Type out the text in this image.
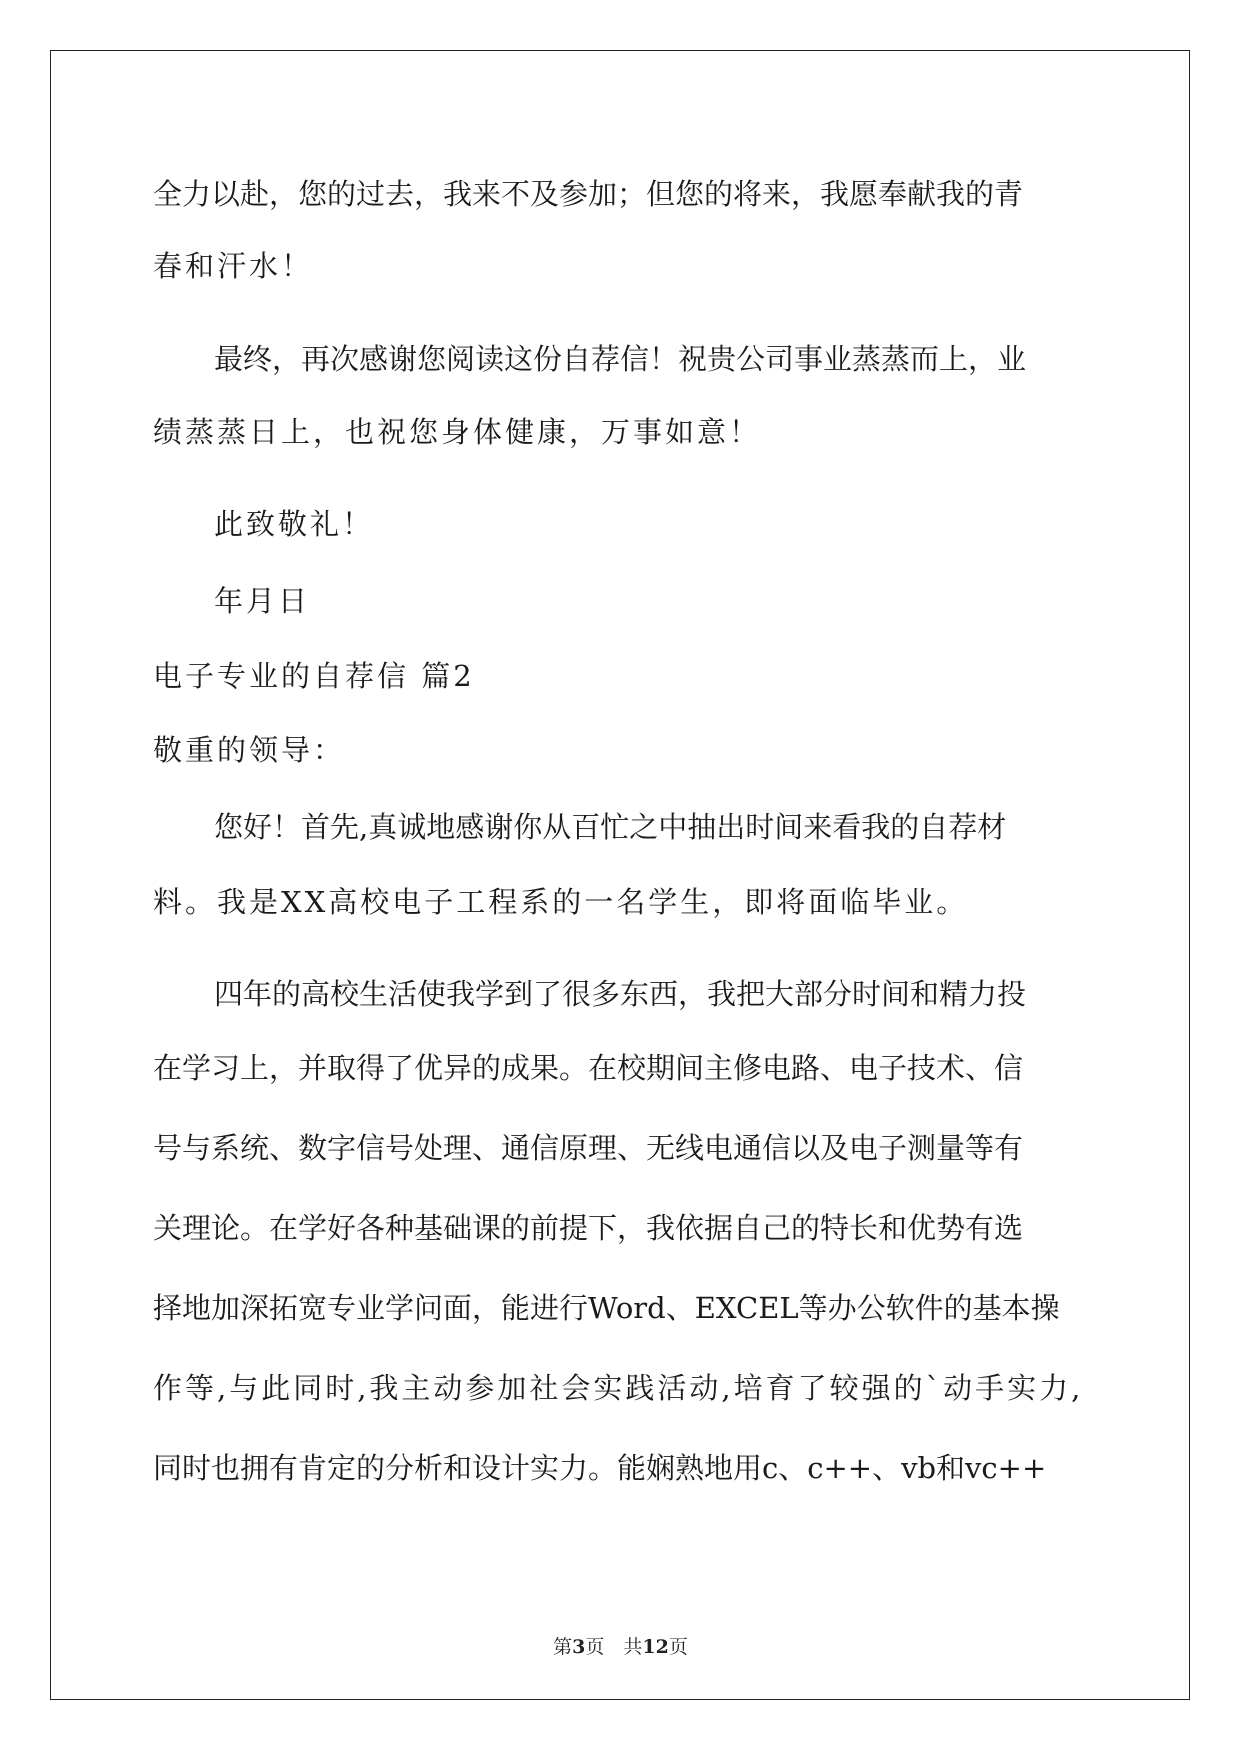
全力以赴，您的过去，我来不及参加；但您的将来，我愿奉献我的青
春和汗水！
最终，再次感谢您阅读这份自荐信！祝贵公司事业蒸蒸而上，业
绩蒸蒸日上，也祝您身体健康，万事如意！
此致敬礼！
年月日
电子专业的自荐信 篇2
敬重的领导：
您好！首先,真诚地感谢你从百忙之中抽出时间来看我的自荐材
料。我是XX高校电子工程系的一名学生，即将面临毕业。
四年的高校生活使我学到了很多东西，我把大部分时间和精力投
在学习上，并取得了优异的成果。在校期间主修电路、电子技术、信
号与系统、数字信号处理、通信原理、无线电通信以及电子测量等有
关理论。在学好各种基础课的前提下，我依据自己的特长和优势有选
择地加深拓宽专业学问面，能进行Word、EXCEL等办公软件的基本操
作等,与此同时,我主动参加社会实践活动,培育了较强的`动手实力,
同时也拥有肯定的分析和设计实力。能娴熟地用c、c++、vb和vc++
第3页　共12页
